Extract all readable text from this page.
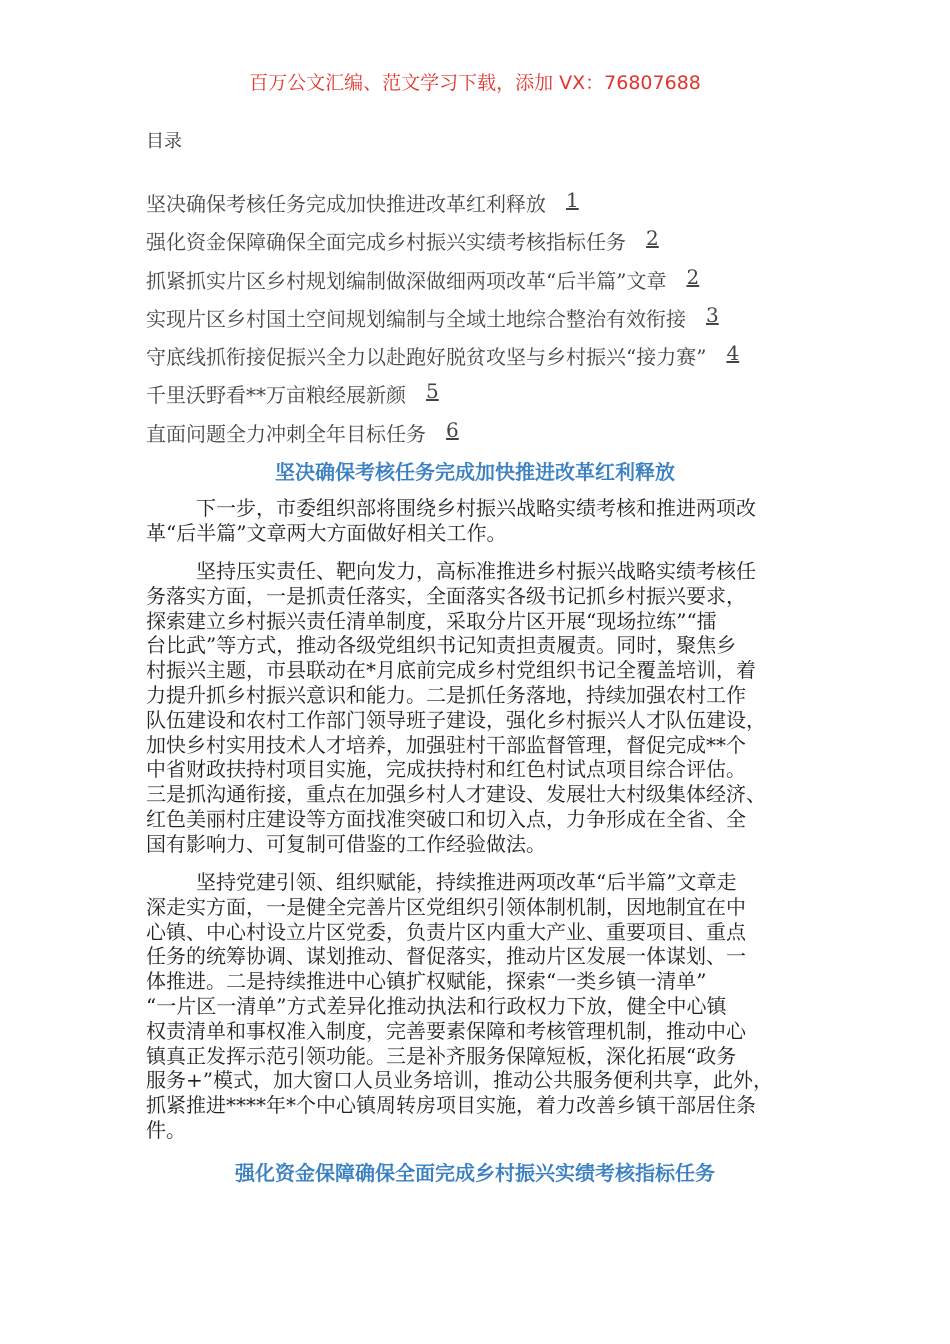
百万公文汇编、范文学习下载，添加 VX：76807688
目录
坚决确保考核任务完成加快推进改革红利释放 1
强化资金保障确保全面完成乡村振兴实绩考核指标任务 2
抓紧抓实片区乡村规划编制做深做细两项改革“后半篇”文章 2
实现片区乡村国土空间规划编制与全域土地综合整治有效衔接 3
守底线抓衔接促振兴全力以赴跑好脱贫攻坚与乡村振兴“接力赛” 4
千里沃野看**万亩粮经展新颜 5
直面问题全力冲刺全年目标任务 6
坚决确保考核任务完成加快推进改革红利释放
下一步，市委组织部将围绕乡村振兴战略实绩考核和推进两项改
革“后半篇”文章两大方面做好相关工作。
坚持压实责任、靶向发力，高标准推进乡村振兴战略实绩考核任
务落实方面，一是抓责任落实，全面落实各级书记抓乡村振兴要求，
探索建立乡村振兴责任清单制度，采取分片区开展“现场拉练”“擂
台比武”等方式，推动各级党组织书记知责担责履责。同时，聚焦乡
村振兴主题，市县联动在*月底前完成乡村党组织书记全覆盖培训，着
力提升抓乡村振兴意识和能力。二是抓任务落地，持续加强农村工作
队伍建设和农村工作部门领导班子建设，强化乡村振兴人才队伍建设，
加快乡村实用技术人才培养，加强驻村干部监督管理，督促完成**个
中省财政扶持村项目实施，完成扶持村和红色村试点项目综合评估。
三是抓沟通衔接，重点在加强乡村人才建设、发展壮大村级集体经济、
红色美丽村庄建设等方面找准突破口和切入点，力争形成在全省、全
国有影响力、可复制可借鉴的工作经验做法。
坚持党建引领、组织赋能，持续推进两项改革“后半篇”文章走
深走实方面，一是健全完善片区党组织引领体制机制，因地制宜在中
心镇、中心村设立片区党委，负责片区内重大产业、重要项目、重点
任务的统筹协调、谋划推动、督促落实，推动片区发展一体谋划、一
体推进。二是持续推进中心镇扩权赋能，探索“一类乡镇一清单”
“一片区一清单”方式差异化推动执法和行政权力下放，健全中心镇
权责清单和事权准入制度，完善要素保障和考核管理机制，推动中心
镇真正发挥示范引领功能。三是补齐服务保障短板，深化拓展“政务
服务+”模式，加大窗口人员业务培训，推动公共服务便利共享，此外，
抓紧推进****年*个中心镇周转房项目实施，着力改善乡镇干部居住条
件。
强化资金保障确保全面完成乡村振兴实绩考核指标任务
